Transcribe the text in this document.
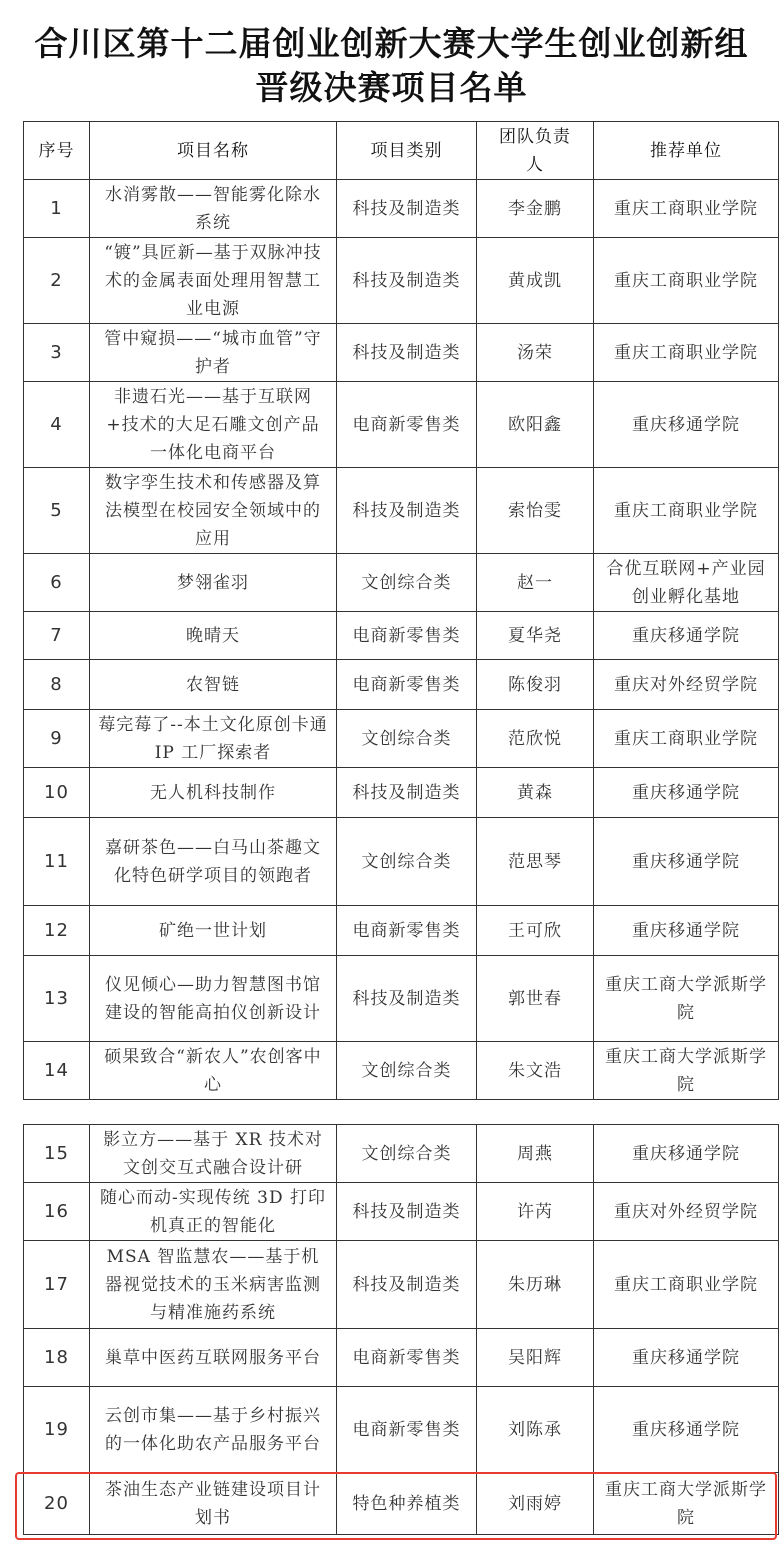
合川区第十二届创业创新大赛大学生创业创新组
晋级决赛项目名单
序号	项目名称	项目类别	团队负责人	推荐单位
1	水消雾散——智能雾化除水系统	科技及制造类	李金鹏	重庆工商职业学院
2	“镀”具匠新—基于双脉冲技术的金属表面处理用智慧工业电源	科技及制造类	黄成凯	重庆工商职业学院
3	管中窥损——“城市血管”守护者	科技及制造类	汤荣	重庆工商职业学院
4	非遗石光——基于互联网+技术的大足石雕文创产品一体化电商平台	电商新零售类	欧阳鑫	重庆移通学院
5	数字孪生技术和传感器及算法模型在校园安全领域中的应用	科技及制造类	索怡雯	重庆工商职业学院
6	梦翎雀羽	文创综合类	赵一	合优互联网+产业园创业孵化基地
7	晚晴天	电商新零售类	夏华尧	重庆移通学院
8	农智链	电商新零售类	陈俊羽	重庆对外经贸学院
9	莓完莓了--本土文化原创卡通 IP 工厂探索者	文创综合类	范欣悦	重庆工商职业学院
10	无人机科技制作	科技及制造类	黄森	重庆移通学院
11	嘉研茶色——白马山茶趣文化特色研学项目的领跑者	文创综合类	范思琴	重庆移通学院
12	矿绝一世计划	电商新零售类	王可欣	重庆移通学院
13	仪见倾心—助力智慧图书馆建设的智能高拍仪创新设计	科技及制造类	郭世春	重庆工商大学派斯学院
14	硕果致合“新农人”农创客中心	文创综合类	朱文浩	重庆工商大学派斯学院
15	影立方——基于 XR 技术对文创交互式融合设计研	文创综合类	周燕	重庆移通学院
16	随心而动-实现传统 3D 打印机真正的智能化	科技及制造类	许芮	重庆对外经贸学院
17	MSA 智监慧农——基于机器视觉技术的玉米病害监测与精准施药系统	科技及制造类	朱历琳	重庆工商职业学院
18	巢草中医药互联网服务平台	电商新零售类	吴阳辉	重庆移通学院
19	云创市集——基于乡村振兴的一体化助农产品服务平台	电商新零售类	刘陈承	重庆移通学院
20	茶油生态产业链建设项目计划书	特色种养植类	刘雨婷	重庆工商大学派斯学院
